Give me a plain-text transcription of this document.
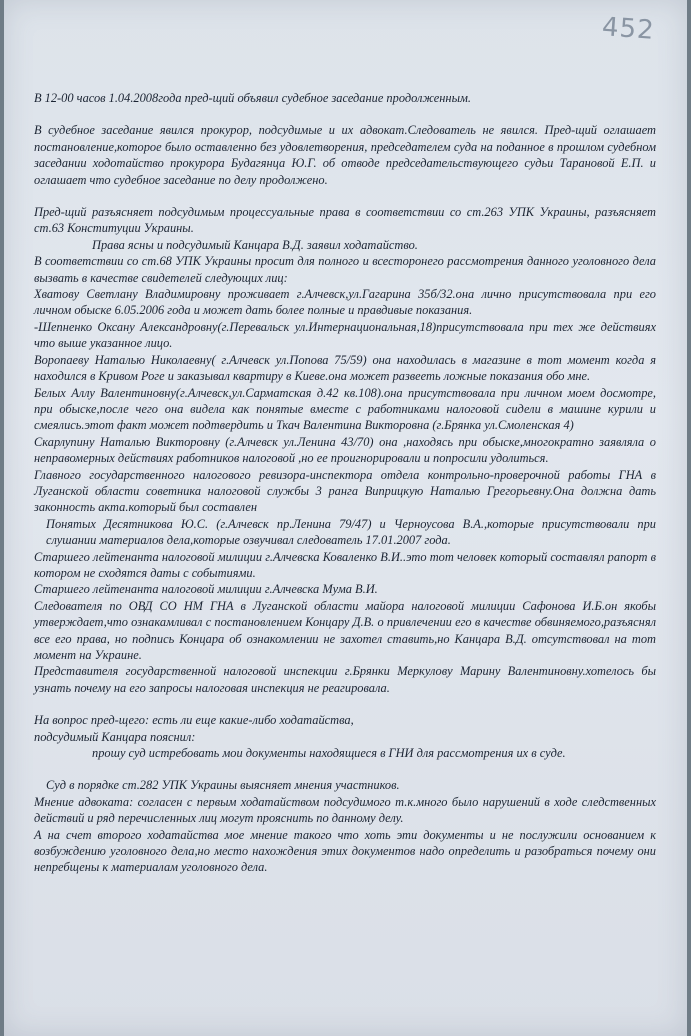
452

В 12-00 часов 1.04.2008года пред-щий объявил судебное заседание продолженным.

В судебное заседание явился прокурор, подсудимые и их адвокат.Следователь не явился. Пред-щий оглашает постановление,которое было оставленно без удовлетворения, председателем суда на поданное в прошлом судебном заседании ходотайство прокурора Будагянца Ю.Г. об отводе председательствующего судьи Тарановой Е.П. и оглашает что судебное заседание по делу продолжено.

Пред-щий разъясняет подсудимым процессуальные права в соответствии со ст.263 УПК Украины, разъясняет ст.63 Конституции Украины.

Права ясны и подсудимый Канцара В.Д. заявил ходатайство.

В соответствии со ст.68 УПК Украины просит для полного и всесторонего рассмотрения данного уголовного дела вызвать в качестве свидетелей следующих лиц:

Хватову Светлану Владимировну проживает г.Алчевск,ул.Гагарина 35б/32.она лично присутствовала при его личном обыске 6.05.2006 года и может дать более полные и правдивые показания.

-Шепненко Оксану Александровну(г.Перевальск ул.Интернациональная,18)присутствовала при тех же действиях что выше указанное лицо.

Воропаеву Наталью Николаевну( г.Алчевск ул.Попова 75/59) она находилась в магазине в тот момент когда я находился в Кривом Роге и заказывал квартиру в Киеве.она может развееть ложные показания обо мне.

Белых Аллу Валентиновну(г.Алчевск,ул.Сарматская д.42 кв.108).она присутствовала при личном моем досмотре, при обыске,после чего она видела как понятые вместе с работниками налоговой сидели в машине курили и смеялись.этот факт может подтвердить и Ткач Валентина Викторовна (г.Брянка ул.Смоленская 4)

Скарлупину Наталью Викторовну (г.Алчевск ул.Ленина 43/70) она ,находясь при обыске,многократно заявляла о неправомерных действиях работников налоговой ,но ее проигнорировали и попросили удолиться.

Главного государственного налогового ревизора-инспектора отдела контрольно-проверочной работы ГНА в Луганской области советника налоговой службы 3 ранга Виприцкую Наталью Грегорьевну.Она должна дать законность акта.который был составлен

Понятых Десятникова Ю.С. (г.Алчевск пр.Ленина 79/47) и Черноусова В.А.,которые присутствовали при слушании материалов дела,которые озвучивал следователь 17.01.2007 года.

Старшего лейтенанта налоговой милиции г.Алчевска Коваленко В.И..это тот человек который составлял рапорт в котором не сходятся даты с событиями.

Старшего лейтенанта налоговой милиции г.Алчевска Мума В.И.

Следователя по ОВД СО НМ ГНА в Луганской области майора налоговой милиции Сафонова И.Б.он якобы утверждает,что ознакамливал с постановлением Концару Д.В. о привлечении его в качестве обвиняемого,разъяснял все его права, но подпись Концара об ознакомлении не захотел ставить,но Канцара В.Д. отсутствовал на тот момент на Украине.

Представителя государственной налоговой инспекции г.Брянки Меркулову Марину Валентиновну.хотелось бы узнать почему на его запросы налоговая инспекция не реагировала.

На вопрос пред-щего: есть ли еще какие-либо ходатайства,

подсудимый Канцара пояснил:

прошу суд истребовать мои документы находящиеся в ГНИ для рассмотрения их в суде.

Суд в порядке ст.282 УПК Украины выясняет мнения участников.

Мнение адвоката: согласен с первым ходатайством подсудимого т.к.много было нарушений в ходе следственных действий и ряд перечисленных лиц могут прояснить по данному делу.

А на счет второго ходатайства мое мнение такого что хоть эти документы и не послужили основанием к возбуждению уголовного дела,но место нахождения этих документов надо определить и разобраться почему они непребщены к материалам уголовного дела.
